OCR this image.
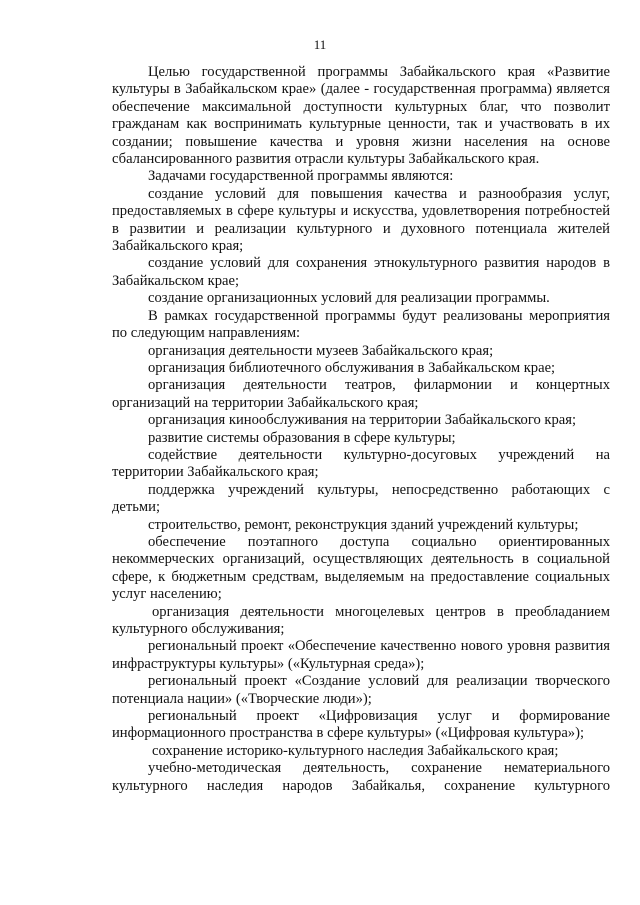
11

Целью государственной программы Забайкальского края «Развитие культуры в Забайкальском крае» (далее - государственная программа) является обеспечение максимальной доступности культурных благ, что позволит гражданам как воспринимать культурные ценности, так и участвовать в их создании; повышение качества и уровня жизни населения на основе сбалансированного развития отрасли культуры Забайкальского края.

Задачами государственной программы являются:

создание условий для повышения качества и разнообразия услуг, предоставляемых в сфере культуры и искусства, удовлетворения потребностей в развитии и реализации культурного и духовного потенциала жителей Забайкальского края;

создание условий для сохранения этнокультурного развития народов в Забайкальском крае;

создание организационных условий для реализации программы.

В рамках государственной программы будут реализованы мероприятия по следующим направлениям:

организация деятельности музеев Забайкальского края;

организация библиотечного обслуживания в Забайкальском крае;

организация деятельности театров, филармонии и концертных организаций на территории Забайкальского края;

организация кинообслуживания на территории Забайкальского края;

развитие системы образования в сфере культуры;

содействие деятельности культурно-досуговых учреждений на территории Забайкальского края;

поддержка учреждений культуры, непосредственно работающих с детьми;

строительство, ремонт, реконструкция зданий учреждений культуры;

обеспечение поэтапного доступа социально ориентированных некоммерческих организаций, осуществляющих деятельность в социальной сфере, к бюджетным средствам, выделяемым на предоставление социальных услуг населению;

организация деятельности многоцелевых центров в преобладанием культурного обслуживания;

региональный проект «Обеспечение качественно нового уровня развития инфраструктуры культуры» («Культурная среда»);

региональный проект «Создание условий для реализации творческого потенциала нации» («Творческие люди»);

региональный проект «Цифровизация услуг и формирование информационного пространства в сфере культуры» («Цифровая культура»);

сохранение историко-культурного наследия Забайкальского края;

учебно-методическая деятельность, сохранение нематериального культурного наследия народов Забайкалья, сохранение культурного
